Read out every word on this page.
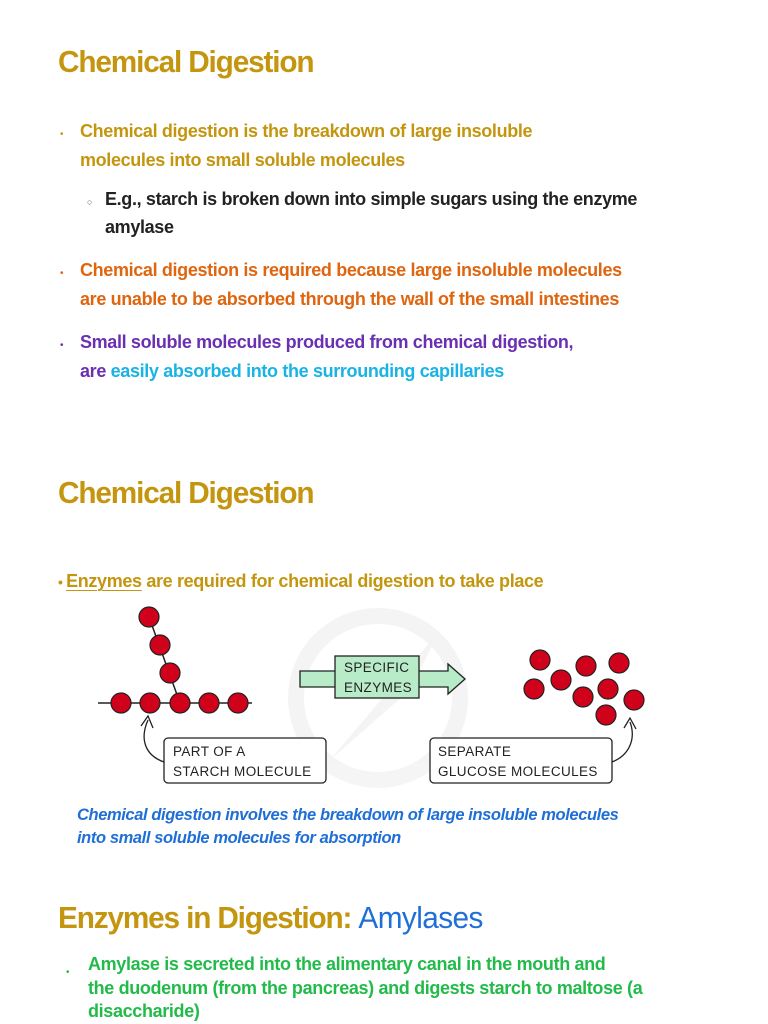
Chemical Digestion
• Chemical digestion is the breakdown of large insoluble
molecules into small soluble molecules
○ E.g., starch is broken down into simple sugars using the enzyme
amylase
• Chemical digestion is required because large insoluble molecules
are unable to be absorbed through the wall of the small intestines
• Small soluble molecules produced from chemical digestion,
are easily absorbed into the surrounding capillaries
Chemical Digestion
• Enzymes are required for chemical digestion to take place
SPECIFIC
ENZYMES
PART OF A
STARCH MOLECULE
SEPARATE
GLUCOSE MOLECULES
Chemical digestion involves the breakdown of large insoluble molecules
into small soluble molecules for absorption
Enzymes in Digestion: Amylases
• Amylase is secreted into the alimentary canal in the mouth and
the duodenum (from the pancreas) and digests starch to maltose (a
disaccharide)
